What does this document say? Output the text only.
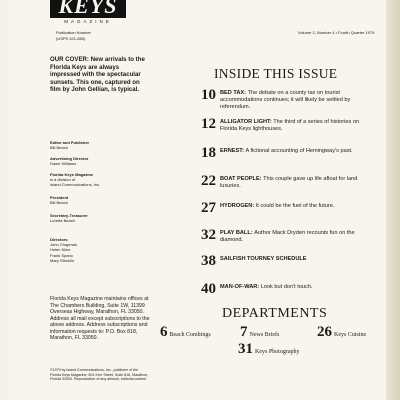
KEYS
MAGAZINE
Publication Number
(USPS 421-850)
Volume 2, Number 4 • Fourth Quarter 1979
OUR COVER: New arrivals to the Florida Keys are always impressed with the spectacular sunsets. This one, captured on film by John Gellian, is typical.
Editor and Publisher
Bill Beach
Advertising Director
Dawn Williams
Florida Keys Magazine
is a division of
Island Communications, Inc.
President
Bill Beach
Secretary-Treasurer
Loretta Beach
Directors
John Chapman
Helen Kline
Frank Spano
Mary Stricklin
Florida Keys Magazine maintains offices at The Chambers Building, Suite 1W, 11399 Overseas Highway, Marathon, FL 33050. Address all mail except subscriptions to the above address. Address subscriptions and information requests to: P.O. Box 818, Marathon, FL 33050.
©1979 by Island Communications, Inc., publisher of the Florida Keys Magazine, 801 Kerr Street, Suite 818, Marathon, Florida 33050. Reproduction of any artwork, editorial content
INSIDE THIS ISSUE
10 BED TAX: The debate on a county tax on tourist accommodations continues; it will likely be settled by referendum.
12 ALLIGATOR LIGHT: The third of a series of histories on Florida Keys lighthouses.
18 ERNEST: A fictional accounting of Hemingway's past.
22 BOAT PEOPLE: This couple gave up life afloat for land luxuries.
27 HYDROGEN: It could be the fuel of the future.
32 PLAY BALL: Author Mack Dryden recounts fun on the diamond.
38 SAILFISH TOURNEY SCHEDULE
40 MAN-OF-WAR: Look but don't touch.
DEPARTMENTS
6 Beach Combings 7 News Briefs	26 Keys Cuisine
31 Keys Photography
